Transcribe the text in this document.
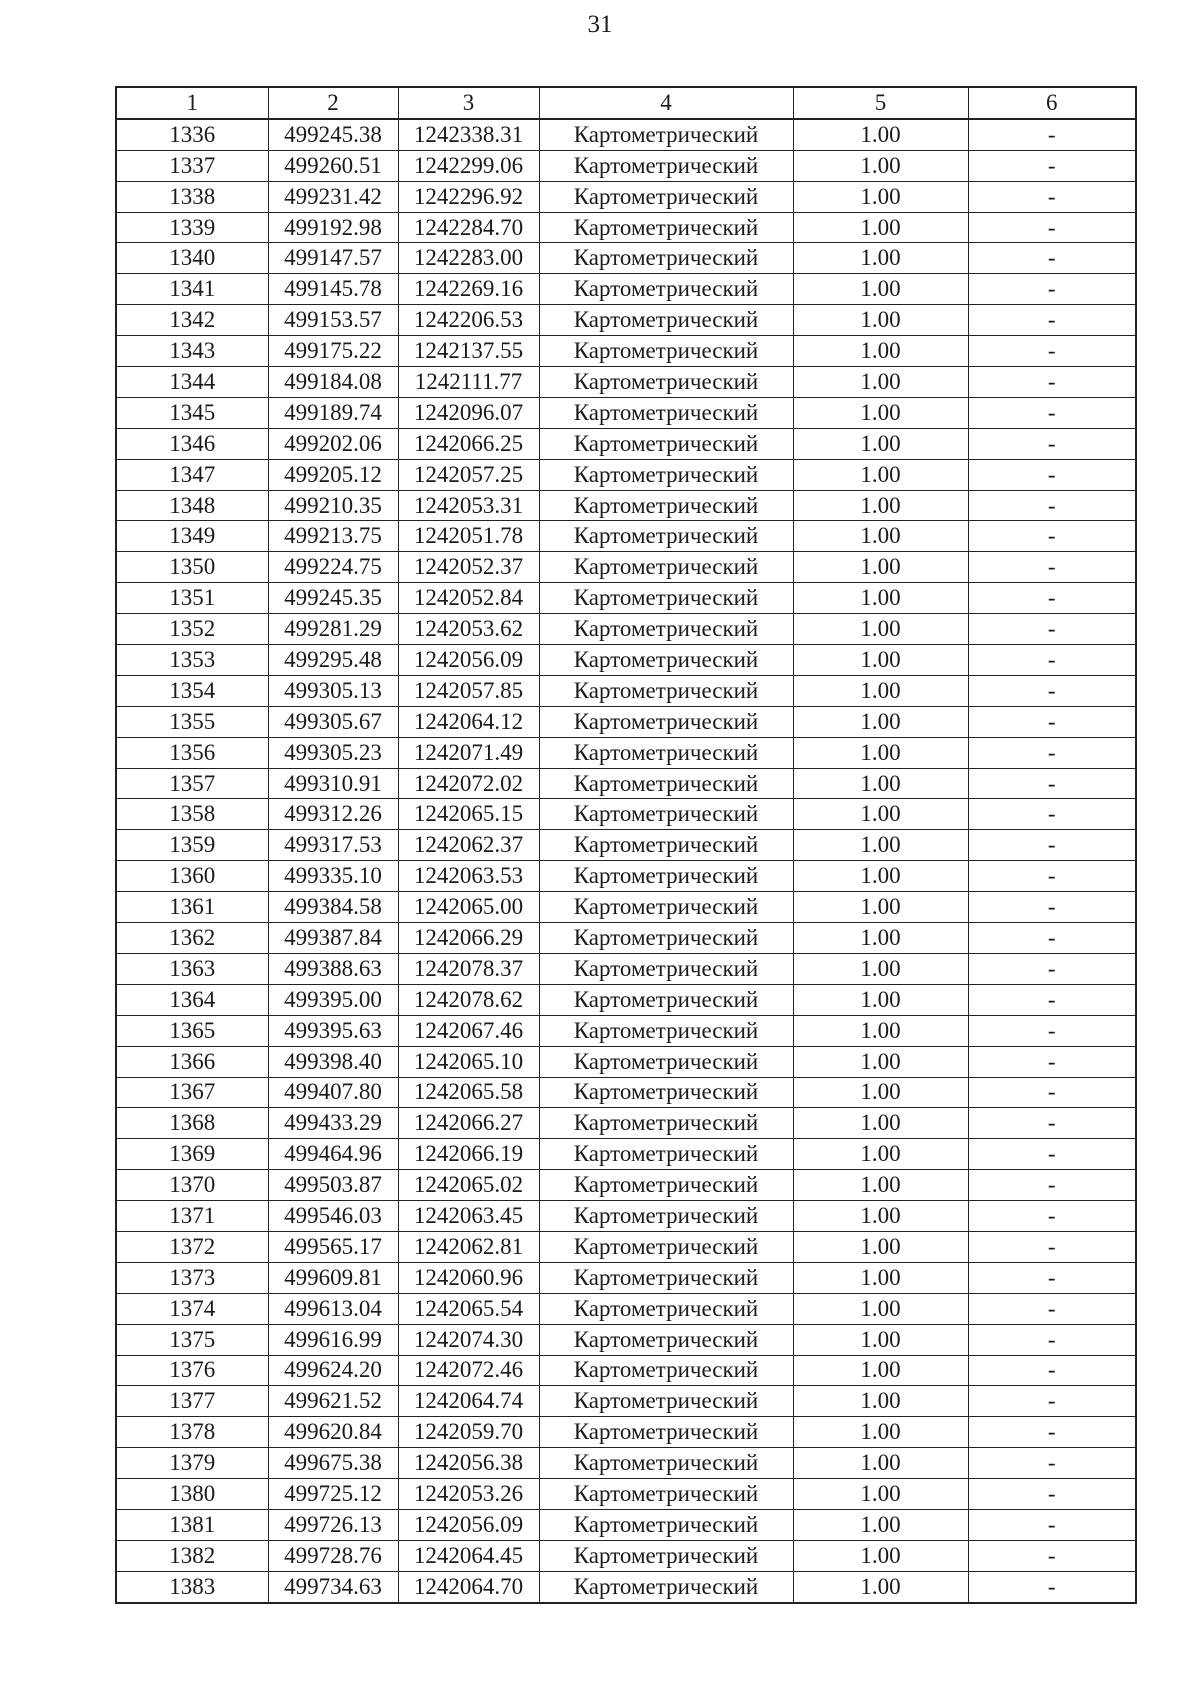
31
1	2	3	4	5	6
1336	499245.38	1242338.31	Картометрический	1.00	-
1337	499260.51	1242299.06	Картометрический	1.00	-
1338	499231.42	1242296.92	Картометрический	1.00	-
1339	499192.98	1242284.70	Картометрический	1.00	-
1340	499147.57	1242283.00	Картометрический	1.00	-
1341	499145.78	1242269.16	Картометрический	1.00	-
1342	499153.57	1242206.53	Картометрический	1.00	-
1343	499175.22	1242137.55	Картометрический	1.00	-
1344	499184.08	1242111.77	Картометрический	1.00	-
1345	499189.74	1242096.07	Картометрический	1.00	-
1346	499202.06	1242066.25	Картометрический	1.00	-
1347	499205.12	1242057.25	Картометрический	1.00	-
1348	499210.35	1242053.31	Картометрический	1.00	-
1349	499213.75	1242051.78	Картометрический	1.00	-
1350	499224.75	1242052.37	Картометрический	1.00	-
1351	499245.35	1242052.84	Картометрический	1.00	-
1352	499281.29	1242053.62	Картометрический	1.00	-
1353	499295.48	1242056.09	Картометрический	1.00	-
1354	499305.13	1242057.85	Картометрический	1.00	-
1355	499305.67	1242064.12	Картометрический	1.00	-
1356	499305.23	1242071.49	Картометрический	1.00	-
1357	499310.91	1242072.02	Картометрический	1.00	-
1358	499312.26	1242065.15	Картометрический	1.00	-
1359	499317.53	1242062.37	Картометрический	1.00	-
1360	499335.10	1242063.53	Картометрический	1.00	-
1361	499384.58	1242065.00	Картометрический	1.00	-
1362	499387.84	1242066.29	Картометрический	1.00	-
1363	499388.63	1242078.37	Картометрический	1.00	-
1364	499395.00	1242078.62	Картометрический	1.00	-
1365	499395.63	1242067.46	Картометрический	1.00	-
1366	499398.40	1242065.10	Картометрический	1.00	-
1367	499407.80	1242065.58	Картометрический	1.00	-
1368	499433.29	1242066.27	Картометрический	1.00	-
1369	499464.96	1242066.19	Картометрический	1.00	-
1370	499503.87	1242065.02	Картометрический	1.00	-
1371	499546.03	1242063.45	Картометрический	1.00	-
1372	499565.17	1242062.81	Картометрический	1.00	-
1373	499609.81	1242060.96	Картометрический	1.00	-
1374	499613.04	1242065.54	Картометрический	1.00	-
1375	499616.99	1242074.30	Картометрический	1.00	-
1376	499624.20	1242072.46	Картометрический	1.00	-
1377	499621.52	1242064.74	Картометрический	1.00	-
1378	499620.84	1242059.70	Картометрический	1.00	-
1379	499675.38	1242056.38	Картометрический	1.00	-
1380	499725.12	1242053.26	Картометрический	1.00	-
1381	499726.13	1242056.09	Картометрический	1.00	-
1382	499728.76	1242064.45	Картометрический	1.00	-
1383	499734.63	1242064.70	Картометрический	1.00	-
